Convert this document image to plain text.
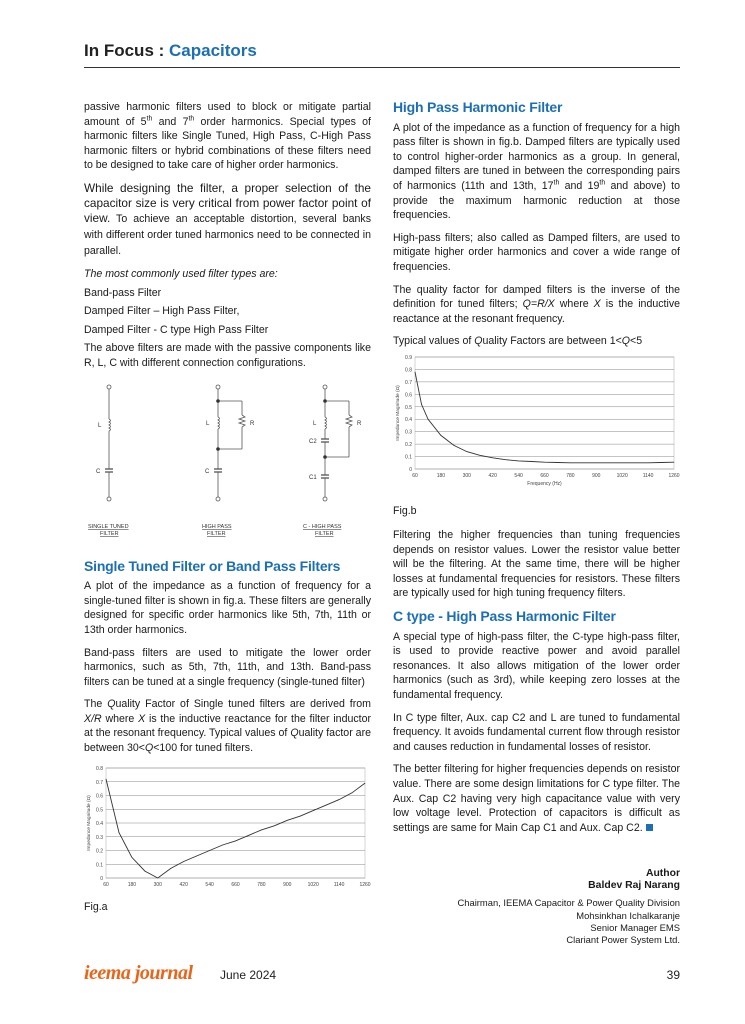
In Focus : Capacitors

passive harmonic filters used to block or mitigate partial amount of 5th and 7th order harmonics. Special types of harmonic filters like Single Tuned, High Pass, C-High Pass harmonic filters or hybrid combinations of these filters need to be designed to take care of higher order harmonics.

While designing the filter, a proper selection of the capacitor size is very critical from power factor point of view. To achieve an acceptable distortion, several banks with different order tuned harmonics need to be connected in parallel.

The most commonly used filter types are:

Band-pass Filter

Damped Filter – High Pass Filter,

Damped Filter - C type High Pass Filter

The above filters are made with the passive components like R, L, C with different connection configurations.

L
C
SINGLE TUNED
FILTER
L	R
C
HIGH PASS
FILTER
L	R
C2
C1
C - HIGH PASS
FILTER
Single Tuned Filter or Band Pass Filters

A plot of the impedance as a function of frequency for a single-tuned filter is shown in fig.a. These filters are generally designed for specific order harmonics like 5th, 7th, 11th or 13th order harmonics.

Band-pass filters are used to mitigate the lower order harmonics, such as 5th, 7th, 11th, and 13th. Band-pass filters can be tuned at a single frequency (single-tuned filter)

The Quality Factor of Single tuned filters are derived from X/R where X is the inductive reactance for the filter inductor at the resonant frequency. Typical values of Quality factor are between 30<Q<100 for tuned filters.

0
0.1
0.2
0.3
0.4
0.5
0.6
0.7
0.8
60	180	300	420	540	660	780	900	1020	1140	1260
Impedance Magnitude (Ω)
Fig.a
High Pass Harmonic Filter

A plot of the impedance as a function of frequency for a high pass filter is shown in fig.b. Damped filters are typically used to control higher-order harmonics as a group. In general, damped filters are tuned in between the corresponding pairs of harmonics (11th and 13th, 17th and 19th and above) to provide the maximum harmonic reduction at those frequencies.

High-pass filters; also called as Damped filters, are used to mitigate higher order harmonics and cover a wide range of frequencies.

The quality factor for damped filters is the inverse of the definition for tuned filters; Q=R/X where X is the inductive reactance at the resonant frequency.

Typical values of Quality Factors are between 1<Q<5

0
0.1
0.2
0.3
0.4
0.5
0.6
0.7
0.8
0.9
60	180	300	420	540	660	780	900	1020	1140	1260
Impedance Magnitude (Ω)
Frequency (Hz)
Fig.b

Filtering the higher frequencies than tuning frequencies depends on resistor values. Lower the resistor value better will be the filtering. At the same time, there will be higher losses at fundamental frequencies for resistors. These filters are typically used for high tuning frequency filters.

C type - High Pass Harmonic Filter

A special type of high-pass filter, the C-type high-pass filter, is used to provide reactive power and avoid parallel resonances. It also allows mitigation of the lower order harmonics (such as 3rd), while keeping zero losses at the fundamental frequency.

In C type filter, Aux. cap C2 and L are tuned to fundamental frequency. It avoids fundamental current flow through resistor and causes reduction in fundamental losses of resistor.

The better filtering for higher frequencies depends on resistor value. There are some design limitations for C type filter. The Aux. Cap C2 having very high capacitance value with very low voltage level. Protection of capacitors is difficult as settings are same for Main Cap C1 and Aux. Cap C2.

Author
Baldev Raj Narang
Chairman, IEEMA Capacitor & Power Quality Division
Mohsinkhan Ichalkaranje
Senior Manager EMS
Clariant Power System Ltd.
ieema journal June 2024	39
